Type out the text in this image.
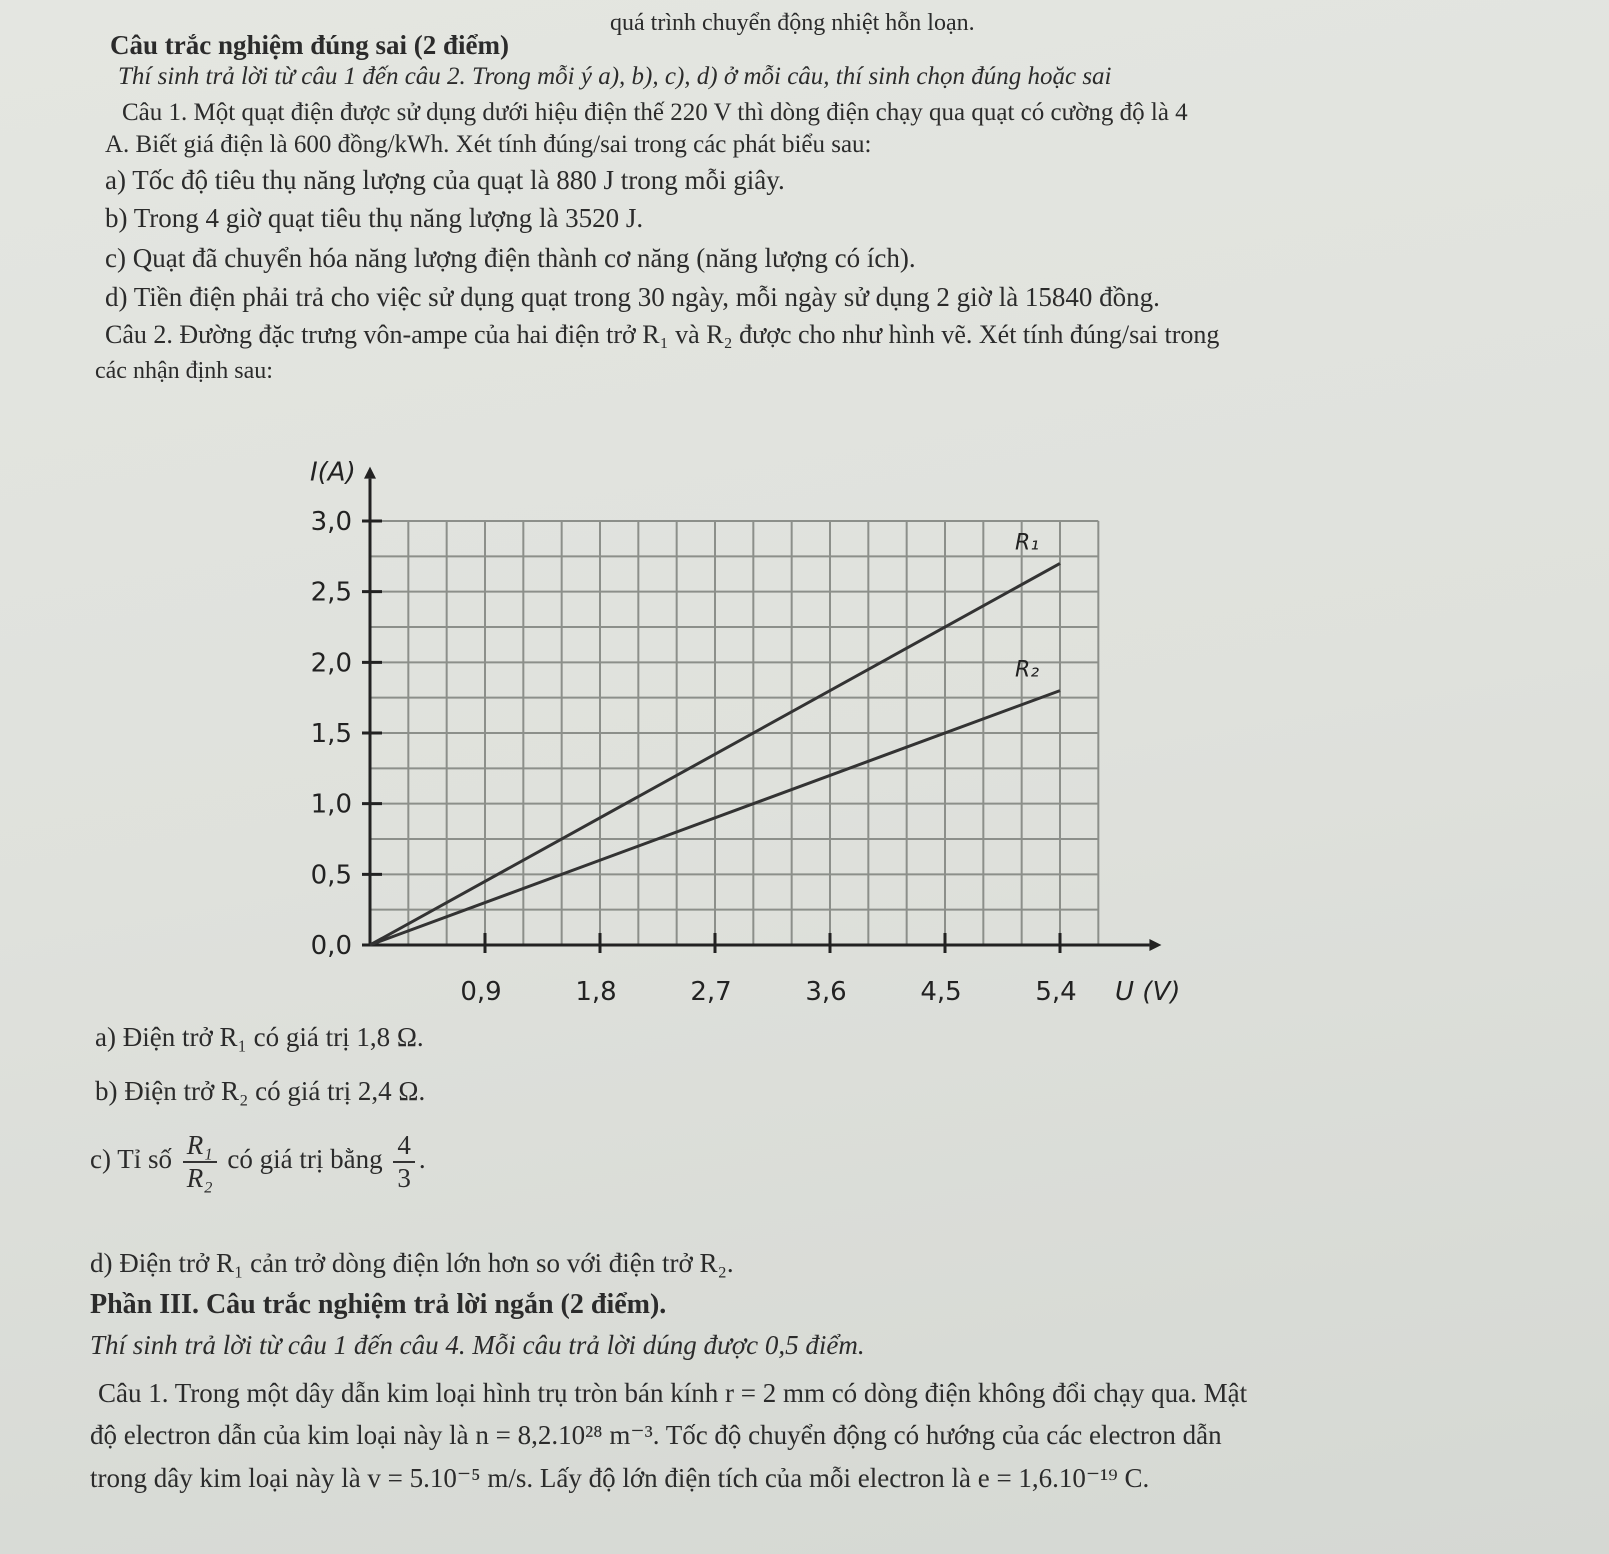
quá trình chuyển động nhiệt hỗn loạn.
Câu trắc nghiệm đúng sai (2 điểm)
Thí sinh trả lời từ câu 1 đến câu 2. Trong mỗi ý a), b), c), d) ở mỗi câu, thí sinh chọn đúng hoặc sai
Câu 1. Một quạt điện được sử dụng dưới hiệu điện thế 220 V thì dòng điện chạy qua quạt có cường độ là 4
A. Biết giá điện là 600 đồng/kWh. Xét tính đúng/sai trong các phát biểu sau:
a) Tốc độ tiêu thụ năng lượng của quạt là 880 J trong mỗi giây.
b) Trong 4 giờ quạt tiêu thụ năng lượng là 3520 J.
c) Quạt đã chuyển hóa năng lượng điện thành cơ năng (năng lượng có ích).
d) Tiền điện phải trả cho việc sử dụng quạt trong 30 ngày, mỗi ngày sử dụng 2 giờ là 15840 đồng.
Câu 2. Đường đặc trưng vôn-ampe của hai điện trở R₁ và R₂ được cho như hình vẽ. Xét tính đúng/sai trong
các nhận định sau:
0,9	1,8	2,7	3,6	4,5	5,4
0,0
0,5
1,0
1,5
2,0
2,5
3,0
I(A)
U (V)
R₁
R₂
a) Điện trở R₁ có giá trị 1,8 Ω.
b) Điện trở R₂ có giá trị 2,4 Ω.
c) Tỉ số $\frac{\text{R₁}}{\text{R₂}}$ có giá trị bằng $\frac{4}{3}$ .
d) Điện trở R₁ cản trở dòng điện lớn hơn so với điện trở R₂.
Phần III. Câu trắc nghiệm trả lời ngắn (2 điểm).
Thí sinh trả lời từ câu 1 đến câu 4. Mỗi câu trả lời dúng được 0,5 điểm.
Câu 1. Trong một dây dẫn kim loại hình trụ tròn bán kính r = 2 mm có dòng điện không đổi chạy qua. Mật
độ electron dẫn của kim loại này là n = 8,2.10²⁸ m⁻³. Tốc độ chuyển động có hướng của các electron dẫn
trong dây kim loại này là v = 5.10⁻⁵ m/s. Lấy độ lớn điện tích của mỗi electron là e = 1,6.10⁻¹⁹ C.
